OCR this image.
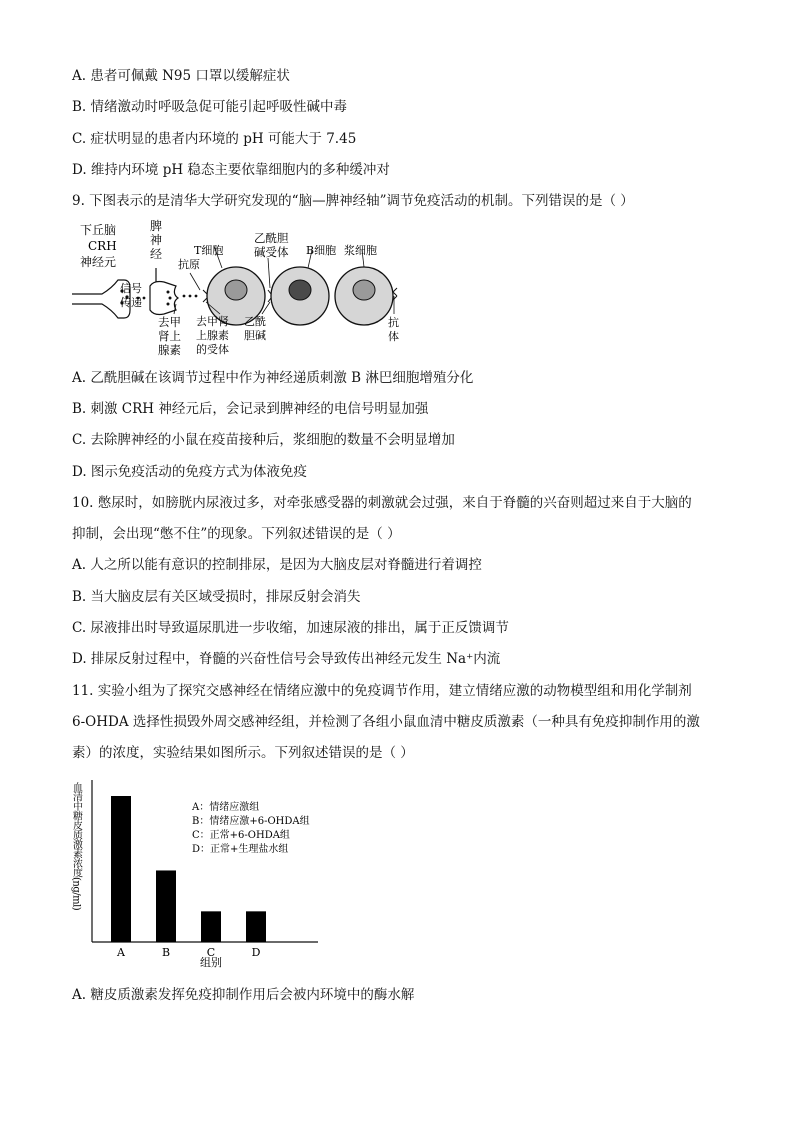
A. 患者可佩戴 N95 口罩以缓解症状
B. 情绪激动时呼吸急促可能引起呼吸性碱中毒
C. 症状明显的患者内环境的 pH 可能大于 7.45
D. 维持内环境 pH 稳态主要依靠细胞内的多种缓冲对
9. 下图表示的是清华大学研究发现的“脑—脾神经轴”调节免疫活动的机制。下列错误的是（ ）
下丘脑
CRH
神经元
脾
神
经
信号
传递
去甲
肾上
腺素
T细胞
抗原
去甲肾
上腺素
的受体
乙酰胆
碱受体
乙酰
胆碱
B细胞 浆细胞
抗
体
A. 乙酰胆碱在该调节过程中作为神经递质刺激 B 淋巴细胞增殖分化
B. 刺激 CRH 神经元后，会记录到脾神经的电信号明显加强
C. 去除脾神经的小鼠在疫苗接种后，浆细胞的数量不会明显增加
D. 图示免疫活动的免疫方式为体液免疫
10. 憋尿时，如膀胱内尿液过多，对牵张感受器的刺激就会过强，来自于脊髓的兴奋则超过来自于大脑的
抑制，会出现“憋不住”的现象。下列叙述错误的是（ ）
A. 人之所以能有意识的控制排尿，是因为大脑皮层对脊髓进行着调控
B. 当大脑皮层有关区域受损时，排尿反射会消失
C. 尿液排出时导致逼尿肌进一步收缩，加速尿液的排出，属于正反馈调节
D. 排尿反射过程中，脊髓的兴奋性信号会导致传出神经元发生 Na⁺内流
11. 实验小组为了探究交感神经在情绪应激中的免疫调节作用，建立情绪应激的动物模型组和用化学制剂
6-OHDA 选择性损毁外周交感神经组，并检测了各组小鼠血清中糖皮质激素（一种具有免疫抑制作用的激
素）的浓度，实验结果如图所示。下列叙述错误的是（ ）
血清中糖皮质激素浓度(ng/ml)
A	B	C	D
组别
A：情绪应激组
B：情绪应激+6-OHDA组
C：正常+6-OHDA组
D：正常+生理盐水组
A. 糖皮质激素发挥免疫抑制作用后会被内环境中的酶水解
